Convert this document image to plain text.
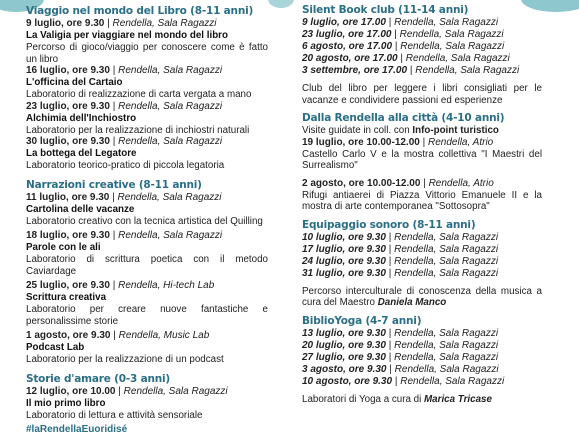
Viaggio nel mondo del Libro (8-11 anni)
9 luglio, ore 9.30 | Rendella, Sala Ragazzi
La Valigia per viaggiare nel mondo del libro
Percorso di gioco/viaggio per conoscere come è fatto un libro
16 luglio, ore 9.30 | Rendella, Sala Ragazzi
L'officina del Cartaio
Laboratorio di realizzazione di carta vergata a mano
23 luglio, ore 9.30 | Rendella, Sala Ragazzi
Alchimia dell'Inchiostro
Laboratorio per la realizzazione di inchiostri naturali
30 luglio, ore 9.30 | Rendella, Sala Ragazzi
La bottega del Legatore
Laboratorio teorico-pratico di piccola legatoria
Narrazioni creative (8-11 anni)
11 luglio, ore 9.30 | Rendella, Sala Ragazzi
Cartolina delle vacanze
Laboratorio creativo con la tecnica artistica del Quilling
18 luglio, ore 9.30 | Rendella, Sala Ragazzi
Parole con le ali
Laboratorio di scrittura poetica con il metodo Caviardage
25 luglio, ore 9.30 | Rendella, Hi-tech Lab
Scrittura creativa
Laboratorio per creare nuove fantastiche e personalissime storie
1 agosto, ore 9.30 | Rendella, Music Lab
Podcast Lab
Laboratorio per la realizzazione di un podcast
Storie d'amare (0-3 anni)
12 luglio, ore 10.00 | Rendella, Sala Ragazzi
Il mio primo libro
Laboratorio di lettura e attività sensoriale
#laRendellaEuoridisé
Silent Book club (11-14 anni)
9 luglio, ore 17.00 | Rendella, Sala Ragazzi
23 luglio, ore 17.00 | Rendella, Sala Ragazzi
6 agosto, ore 17.00 | Rendella, Sala Ragazzi
20 agosto, ore 17.00 | Rendella, Sala Ragazzi
3 settembre, ore 17.00 | Rendella, Sala Ragazzi
Club del libro per leggere i libri consigliati per le vacanze e condividere passioni ed esperienze
Dalla Rendella alla città (4-10 anni)
Visite guidate in coll. con Info-point turistico
19 luglio, ore 10.00-12.00 | Rendella, Atrio
Castello Carlo V e la mostra collettiva "I Maestri del Surrealismo"
2 agosto, ore 10.00-12.00 | Rendella, Atrio
Rifugi antiaerei di Piazza Vittorio Emanuele II e la mostra di arte contemporanea "Sottosopra"
Equipaggio sonoro (8-11 anni)
10 luglio, ore 9.30 | Rendella, Sala Ragazzi
17 luglio, ore 9.30 | Rendella, Sala Ragazzi
24 luglio, ore 9.30 | Rendella, Sala Ragazzi
31 luglio, ore 9.30 | Rendella, Sala Ragazzi
Percorso interculturale di conoscenza della musica a cura del Maestro Daniela Manco
BiblioYoga (4-7 anni)
13 luglio, ore 9.30 | Rendella, Sala Ragazzi
20 luglio, ore 9.30 | Rendella, Sala Ragazzi
27 luglio, ore 9.30 | Rendella, Sala Ragazzi
3 agosto, ore 9.30 | Rendella, Sala Ragazzi
10 agosto, ore 9.30 | Rendella, Sala Ragazzi
Laboratori di Yoga a cura di Marica Tricase
